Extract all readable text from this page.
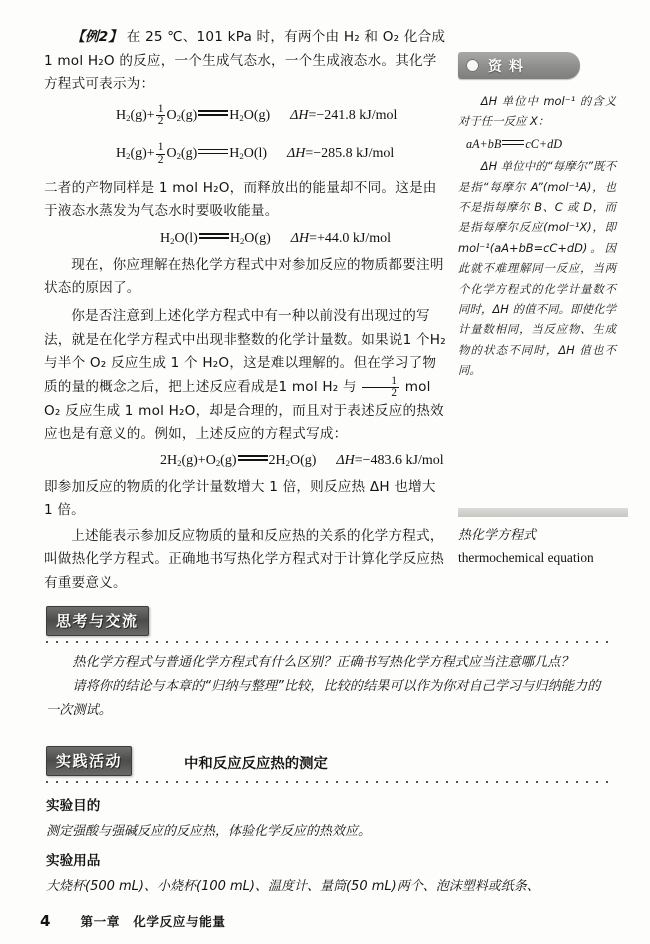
【例2】 在 25 ℃、101 kPa 时，有两个由 H₂ 和 O₂ 化合成 1 mol H₂O 的反应，一个生成气态水，一个生成液态水。其化学方程式可表示为：

$H_2(g)+ \frac{1}{2} O_2(g)$ $H_2O(g)$ ΔH=−241.8 kJ/mol
$H_2(g)+ \frac{1}{2} O_2(g)$ $H_2O(l)$ ΔH=−285.8 kJ/mol

二者的产物同样是 1 mol H₂O，而释放出的能量却不同。这是由于液态水蒸发为气态水时要吸收能量。

$H_2O(l)$ $H_2O(g)$ ΔH=+44.0 kJ/mol

现在，你应理解在热化学方程式中对参加反应的物质都要注明状态的原因了。

你是否注意到上述化学方程式中有一种以前没有出现过的写法，就是在化学方程式中出现非整数的化学计量数。如果说1 个H₂ 与半个 O₂ 反应生成 1 个 H₂O，这是难以理解的。但在学习了物质的量的概念之后，把上述反应看成是1 mol H₂ 与 $\frac{1}{2}$ mol O₂ 反应生成 1 mol H₂O，却是合理的，而且对于表述反应的热效应也是有意义的。例如，上述反应的方程式写成：

$2H_2(g)+O_2(g)$ $2H_2O(g)$ ΔH=−483.6 kJ/mol

即参加反应的物质的化学计量数增大 1 倍，则反应热 ΔH 也增大 1 倍。

上述能表示参加反应物质的量和反应热的关系的化学方程式，叫做热化学方程式。正确地书写热化学方程式对于计算化学反应热有重要意义。

资料

ΔH 单位中 mol⁻¹ 的含义对于任一反应 X：

aA+bB cC+dD

ΔH 单位中的“每摩尔”既不是指“每摩尔 A”(mol⁻¹A)，也不是指每摩尔 B、C 或 D，而是指每摩尔反应(mol⁻¹X)，即 mol⁻¹(aA+bB=cC+dD)。因此就不难理解同一反应，当两个化学方程式的化学计量数不同时，ΔH 的值不同。即使化学计量数相同，当反应物、生成物的状态不同时，ΔH 值也不同。

热化学方程式
thermochemical equation
思考与交流

热化学方程式与普通化学方程式有什么区别？正确书写热化学方程式应当注意哪几点？

请将你的结论与本章的“归纳与整理”比较，比较的结果可以作为你对自己学习与归纳能力的一次测试。

实践活动	中和反应反应热的测定
实验目的
测定强酸与强碱反应的反应热，体验化学反应的热效应。
实验用品
大烧杯(500 mL)、小烧杯(100 mL)、温度计、量筒(50 mL)两个、泡沫塑料或纸条、
4 第一章　化学反应与能量
